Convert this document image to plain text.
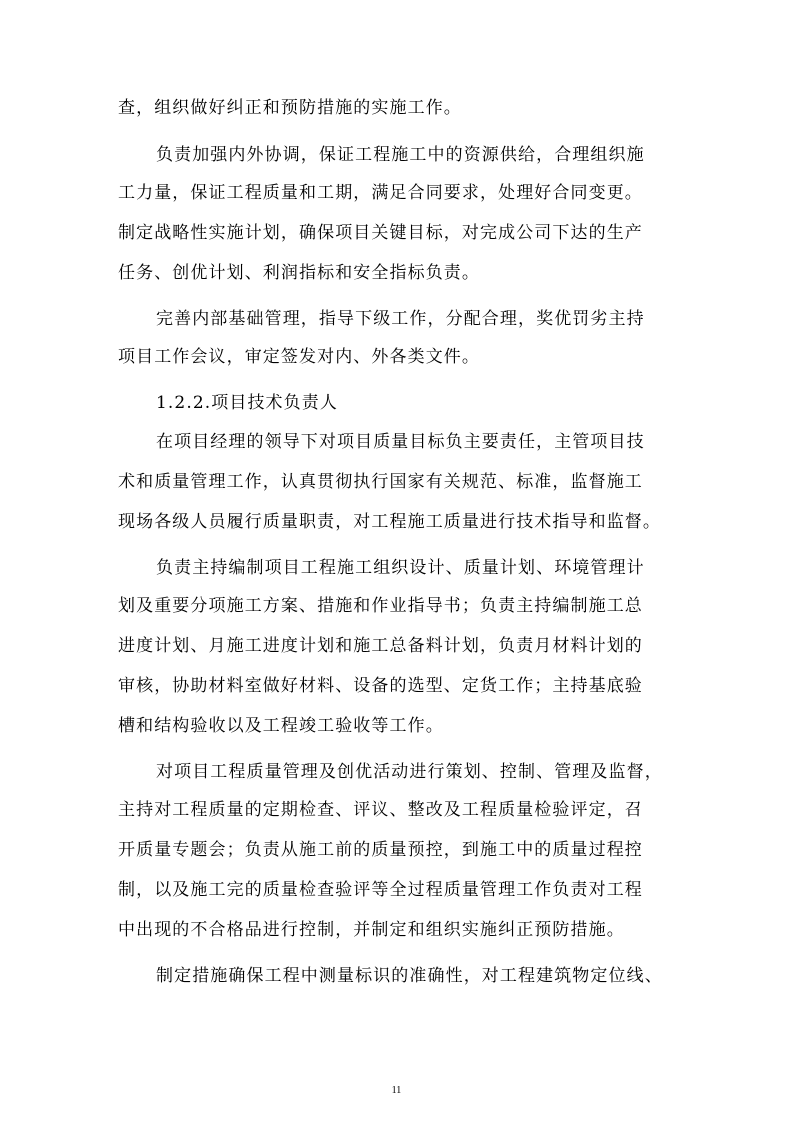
查，组织做好纠正和预防措施的实施工作。
负责加强内外协调，保证工程施工中的资源供给，合理组织施
工力量，保证工程质量和工期，满足合同要求，处理好合同变更。
制定战略性实施计划，确保项目关键目标，对完成公司下达的生产
任务、创优计划、利润指标和安全指标负责。
完善内部基础管理，指导下级工作，分配合理，奖优罚劣主持
项目工作会议，审定签发对内、外各类文件。
1.2.2.项目技术负责人
在项目经理的领导下对项目质量目标负主要责任，主管项目技
术和质量管理工作，认真贯彻执行国家有关规范、标准，监督施工
现场各级人员履行质量职责，对工程施工质量进行技术指导和监督。
负责主持编制项目工程施工组织设计、质量计划、环境管理计
划及重要分项施工方案、措施和作业指导书；负责主持编制施工总
进度计划、月施工进度计划和施工总备料计划，负责月材料计划的
审核，协助材料室做好材料、设备的选型、定货工作；主持基底验
槽和结构验收以及工程竣工验收等工作。
对项目工程质量管理及创优活动进行策划、控制、管理及监督，
主持对工程质量的定期检查、评议、整改及工程质量检验评定，召
开质量专题会；负责从施工前的质量预控，到施工中的质量过程控
制，以及施工完的质量检查验评等全过程质量管理工作负责对工程
中出现的不合格品进行控制，并制定和组织实施纠正预防措施。
制定措施确保工程中测量标识的准确性，对工程建筑物定位线、
11
